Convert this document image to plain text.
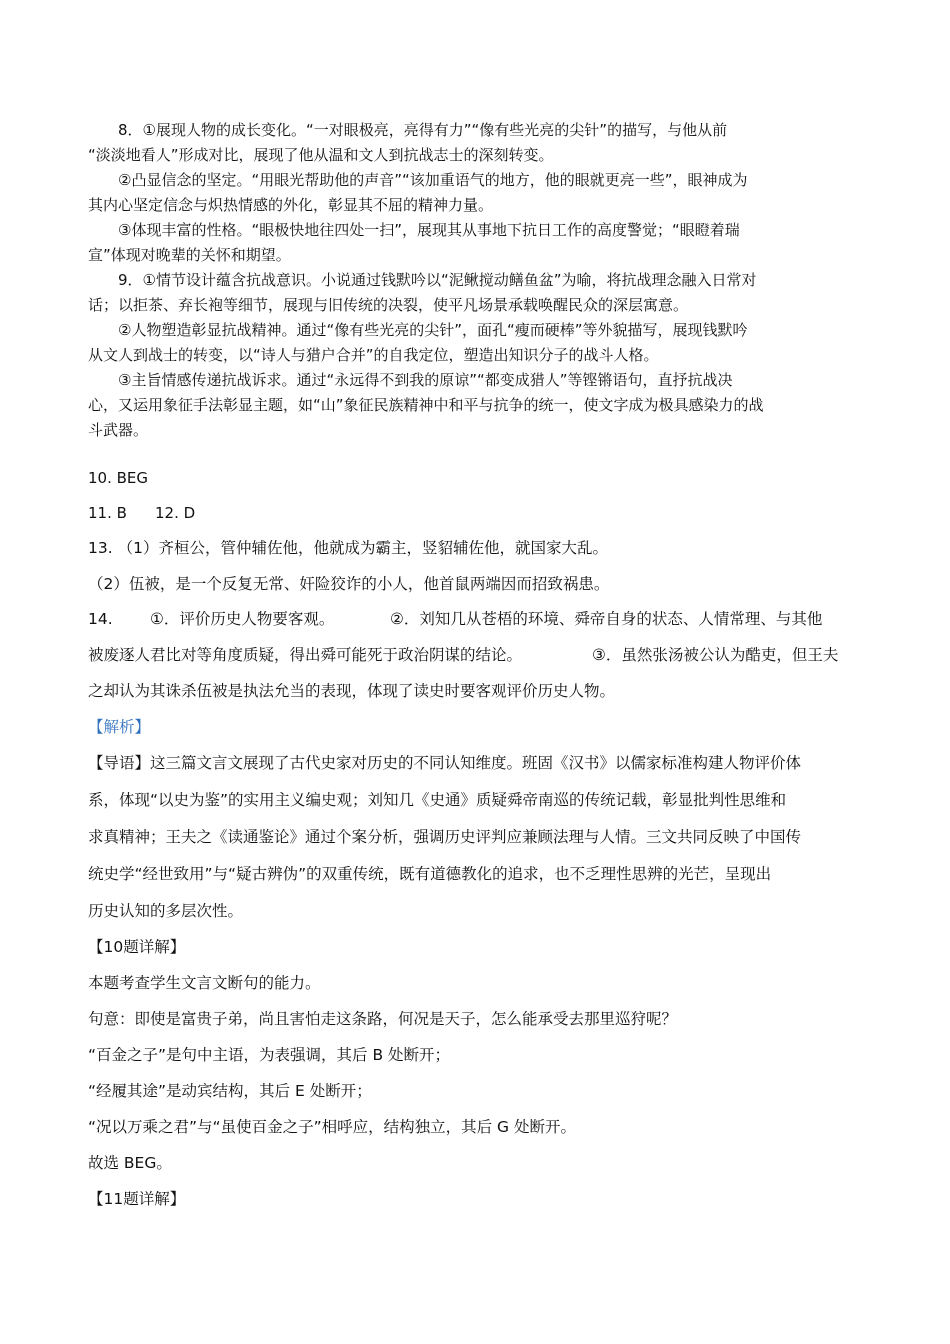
8．①展现人物的成长变化。“一对眼极亮，亮得有力”“像有些光亮的尖针”的描写，与他从前

“淡淡地看人”形成对比，展现了他从温和文人到抗战志士的深刻转变。

②凸显信念的坚定。“用眼光帮助他的声音”“该加重语气的地方，他的眼就更亮一些”，眼神成为

其内心坚定信念与炽热情感的外化，彰显其不屈的精神力量。

③体现丰富的性格。“眼极快地往四处一扫”，展现其从事地下抗日工作的高度警觉；“眼瞪着瑞

宣”体现对晚辈的关怀和期望。

9．①情节设计蕴含抗战意识。小说通过钱默吟以“泥鳅搅动鳝鱼盆”为喻，将抗战理念融入日常对

话；以拒茶、弃长袍等细节，展现与旧传统的决裂，使平凡场景承载唤醒民众的深层寓意。

②人物塑造彰显抗战精神。通过“像有些光亮的尖针”，面孔“瘦而硬棒”等外貌描写，展现钱默吟

从文人到战士的转变，以“诗人与猎户合并”的自我定位，塑造出知识分子的战斗人格。

③主旨情感传递抗战诉求。通过“永远得不到我的原谅”“都变成猎人”等铿锵语句，直抒抗战决

心，又运用象征手法彰显主题，如“山”象征民族精神中和平与抗争的统一，使文字成为极具感染力的战

斗武器。

10. BEG

11. B 12. D

13. （1）齐桓公，管仲辅佐他，他就成为霸主，竖貂辅佐他，就国家大乱。

（2）伍被，是一个反复无常、奸险狡诈的小人，他首鼠两端因而招致祸患。

14. ①．评价历史人物要客观。	②．刘知几从苍梧的环境、舜帝自身的状态、人情常理、与其他

被废逐人君比对等角度质疑，得出舜可能死于政治阴谋的结论。	③．虽然张汤被公认为酷吏，但王夫

之却认为其诛杀伍被是执法允当的表现，体现了读史时要客观评价历史人物。

【解析】

【导语】这三篇文言文展现了古代史家对历史的不同认知维度。班固《汉书》以儒家标准构建人物评价体

系，体现“以史为鉴”的实用主义编史观；刘知几《史通》质疑舜帝南巡的传统记载，彰显批判性思维和

求真精神；王夫之《读通鉴论》通过个案分析，强调历史评判应兼顾法理与人情。三文共同反映了中国传

统史学“经世致用”与“疑古辨伪”的双重传统，既有道德教化的追求，也不乏理性思辨的光芒，呈现出

历史认知的多层次性。

【10题详解】

本题考查学生文言文断句的能力。

句意：即使是富贵子弟，尚且害怕走这条路，何况是天子，怎么能承受去那里巡狩呢？

“百金之子”是句中主语，为表强调，其后 B 处断开；

“经履其途”是动宾结构，其后 E 处断开；

“况以万乘之君”与“虽使百金之子”相呼应，结构独立，其后 G 处断开。

故选 BEG。

【11题详解】
